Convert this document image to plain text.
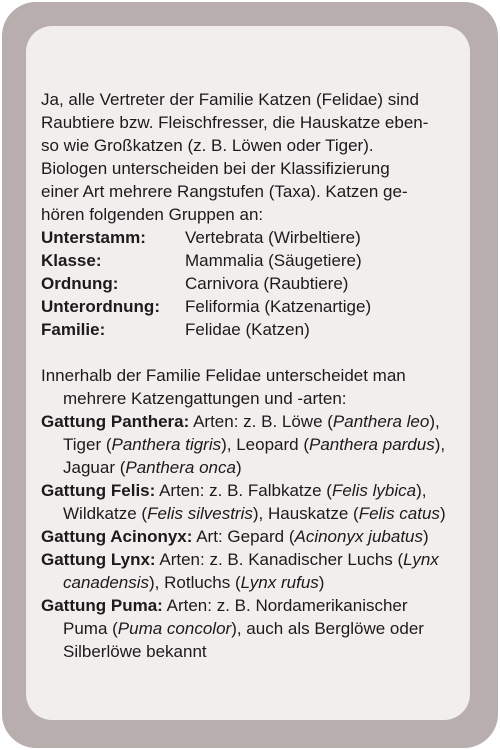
Ja, alle Vertreter der Familie Katzen (Felidae) sind
Raubtiere bzw. Fleischfresser, die Hauskatze eben-
so wie Großkatzen (z. B. Löwen oder Tiger).
Biologen unterscheiden bei der Klassifizierung
einer Art mehrere Rangstufen (Taxa). Katzen ge-
hören folgenden Gruppen an:

Unterstamm:	Vertebrata (Wirbeltiere)
Klasse:	Mammalia (Säugetiere)
Ordnung:	Carnivora (Raubtiere)
Unterordnung:	Feliformia (Katzenartige)
Familie:	Felidae (Katzen)

Innerhalb der Familie Felidae unterscheidet man
mehrere Katzengattungen und -arten:

Gattung Panthera: Arten: z. B. Löwe (Panthera leo),
Tiger (Panthera tigris), Leopard (Panthera pardus),
Jaguar (Panthera onca)

Gattung Felis: Arten: z. B. Falbkatze (Felis lybica),
Wildkatze (Felis silvestris), Hauskatze (Felis catus)

Gattung Acinonyx: Art: Gepard (Acinonyx jubatus)

Gattung Lynx: Arten: z. B. Kanadischer Luchs (Lynx
canadensis), Rotluchs (Lynx rufus)

Gattung Puma: Arten: z. B. Nordamerikanischer
Puma (Puma concolor), auch als Berglöwe oder
Silberlöwe bekannt
